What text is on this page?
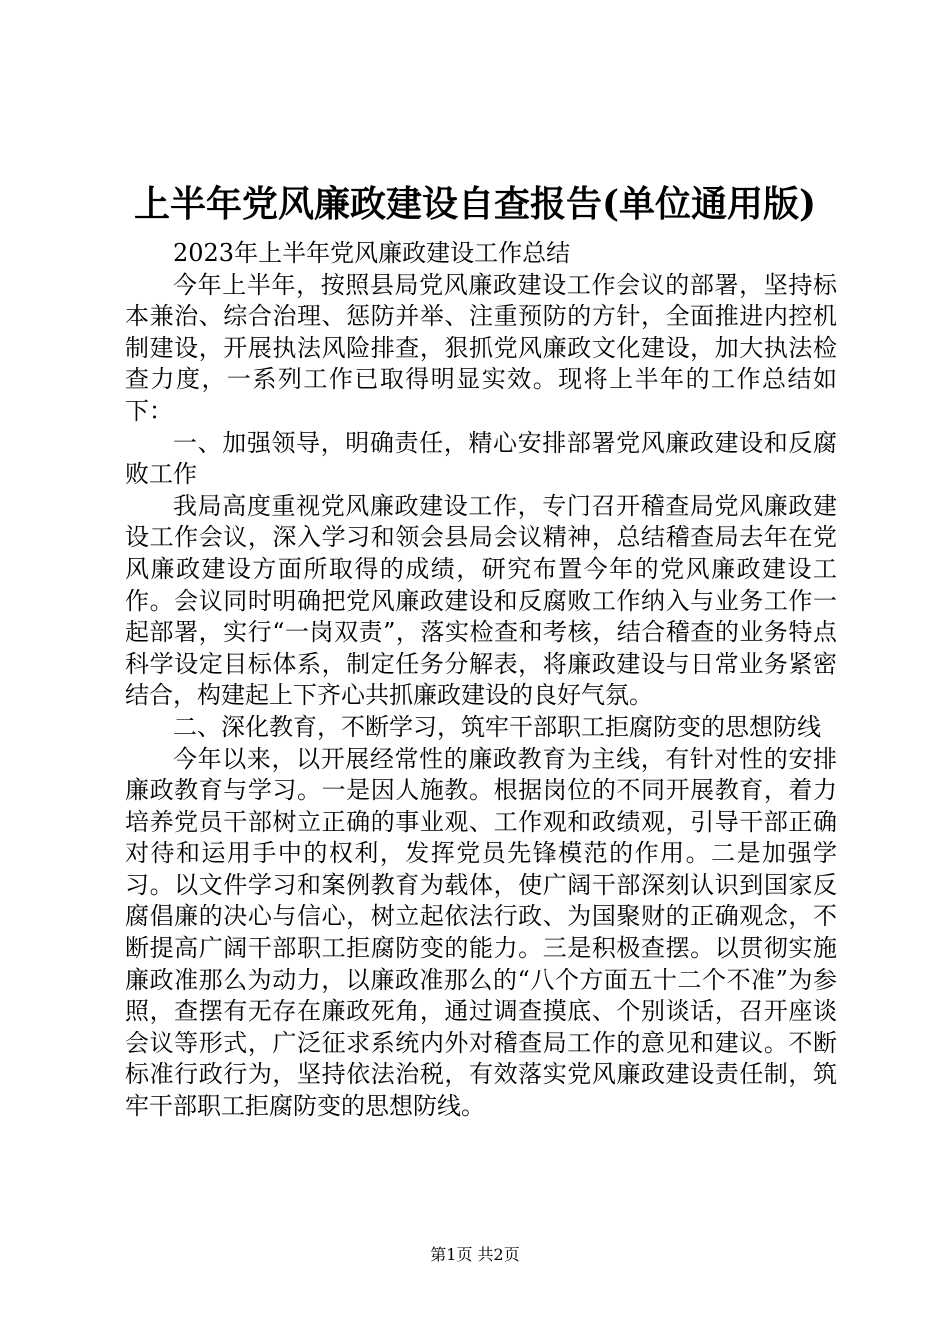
上半年党风廉政建设自查报告(单位通用版)

2023年上半年党风廉政建设工作总结

今年上半年，按照县局党风廉政建设工作会议的部署，坚持标本兼治、综合治理、惩防并举、注重预防的方针，全面推进内控机制建设，开展执法风险排查，狠抓党风廉政文化建设，加大执法检查力度，一系列工作已取得明显实效。现将上半年的工作总结如下：

一、加强领导，明确责任，精心安排部署党风廉政建设和反腐败工作

我局高度重视党风廉政建设工作，专门召开稽查局党风廉政建设工作会议，深入学习和领会县局会议精神，总结稽查局去年在党风廉政建设方面所取得的成绩，研究布置今年的党风廉政建设工作。会议同时明确把党风廉政建设和反腐败工作纳入与业务工作一起部署，实行“一岗双责”，落实检查和考核，结合稽查的业务特点科学设定目标体系，制定任务分解表，将廉政建设与日常业务紧密结合，构建起上下齐心共抓廉政建设的良好气氛。

二、深化教育，不断学习，筑牢干部职工拒腐防变的思想防线

今年以来，以开展经常性的廉政教育为主线，有针对性的安排廉政教育与学习。一是因人施教。根据岗位的不同开展教育，着力培养党员干部树立正确的事业观、工作观和政绩观，引导干部正确对待和运用手中的权利，发挥党员先锋模范的作用。二是加强学习。以文件学习和案例教育为载体，使广阔干部深刻认识到国家反腐倡廉的决心与信心，树立起依法行政、为国聚财的正确观念，不断提高广阔干部职工拒腐防变的能力。三是积极查摆。以贯彻实施廉政准那么为动力，以廉政准那么的“八个方面五十二个不准”为参照，查摆有无存在廉政死角，通过调查摸底、个别谈话，召开座谈会议等形式，广泛征求系统内外对稽查局工作的意见和建议。不断标准行政行为，坚持依法治税，有效落实党风廉政建设责任制，筑牢干部职工拒腐防变的思想防线。

第1页 共2页
